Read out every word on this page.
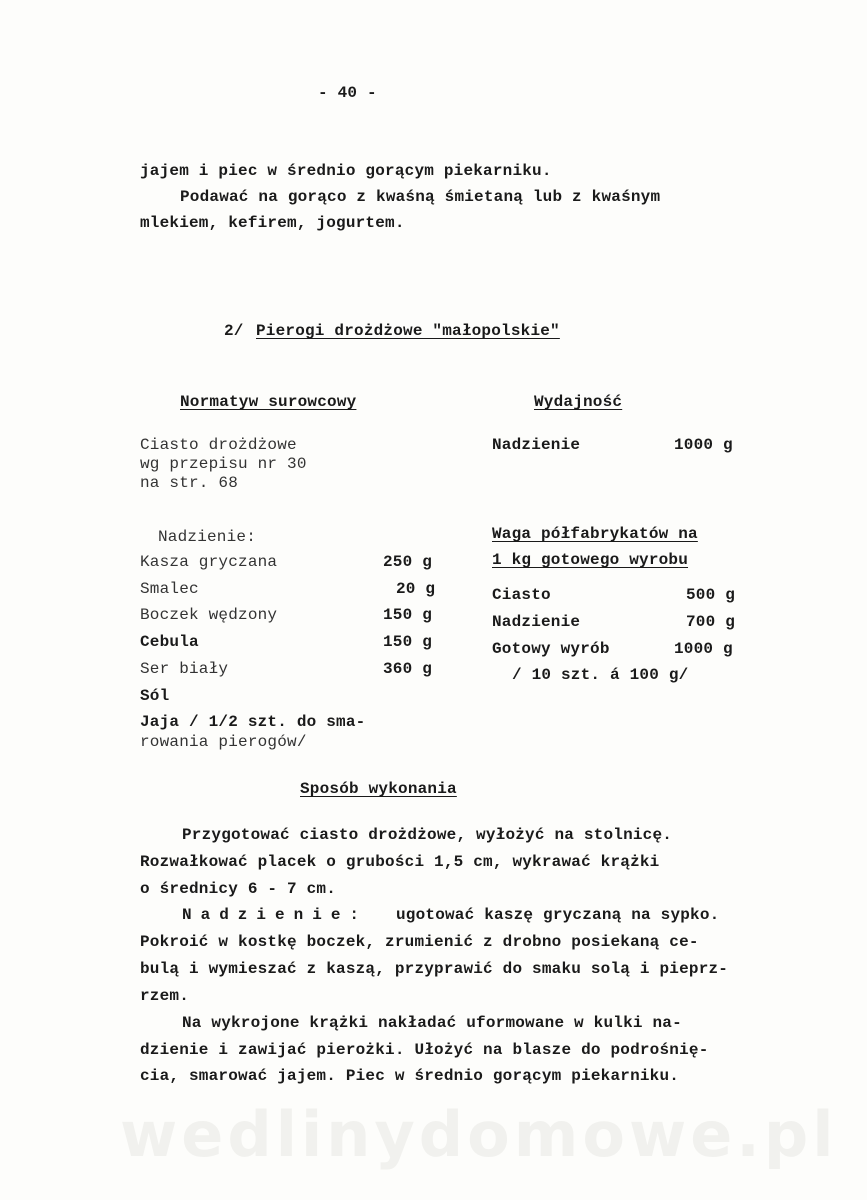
wedlinydomowe.pl
- 40 -
jajem i piec w średnio gorącym piekarniku.
Podawać na gorąco z kwaśną śmietaną lub z kwaśnym
mlekiem, kefirem, jogurtem.
2/ Pierogi drożdżowe "małopolskie"
Normatyw surowcowy	Wydajność
Ciasto drożdżowe
wg przepisu nr 30
na str. 68
Nadzienie	1000 g
Nadzienie:
Kasza gryczana	250 g
Smalec	20 g
Boczek wędzony	150 g
Cebula	150 g
Ser biały	360 g
Sól
Jaja / 1/2 szt. do sma-
rowania pierogów/
Waga półfabrykatów na
1 kg gotowego wyrobu
Ciasto	500 g
Nadzienie	700 g
Gotowy wyrób	1000 g
/ 10 szt. á 100 g/
Sposób wykonania
Przygotować ciasto drożdżowe, wyłożyć na stolnicę.
Rozwałkować placek o grubości 1,5 cm, wykrawać krążki
o średnicy 6 - 7 cm.
Nadzienie: ugotować kaszę gryczaną na sypko.
Pokroić w kostkę boczek, zrumienić z drobno posiekaną ce-
bulą i wymieszać z kaszą, przyprawić do smaku solą i pieprz-
rzem.
Na wykrojone krążki nakładać uformowane w kulki na-
dzienie i zawijać pierożki. Ułożyć na blasze do podrośnię-
cia, smarować jajem. Piec w średnio gorącym piekarniku.
